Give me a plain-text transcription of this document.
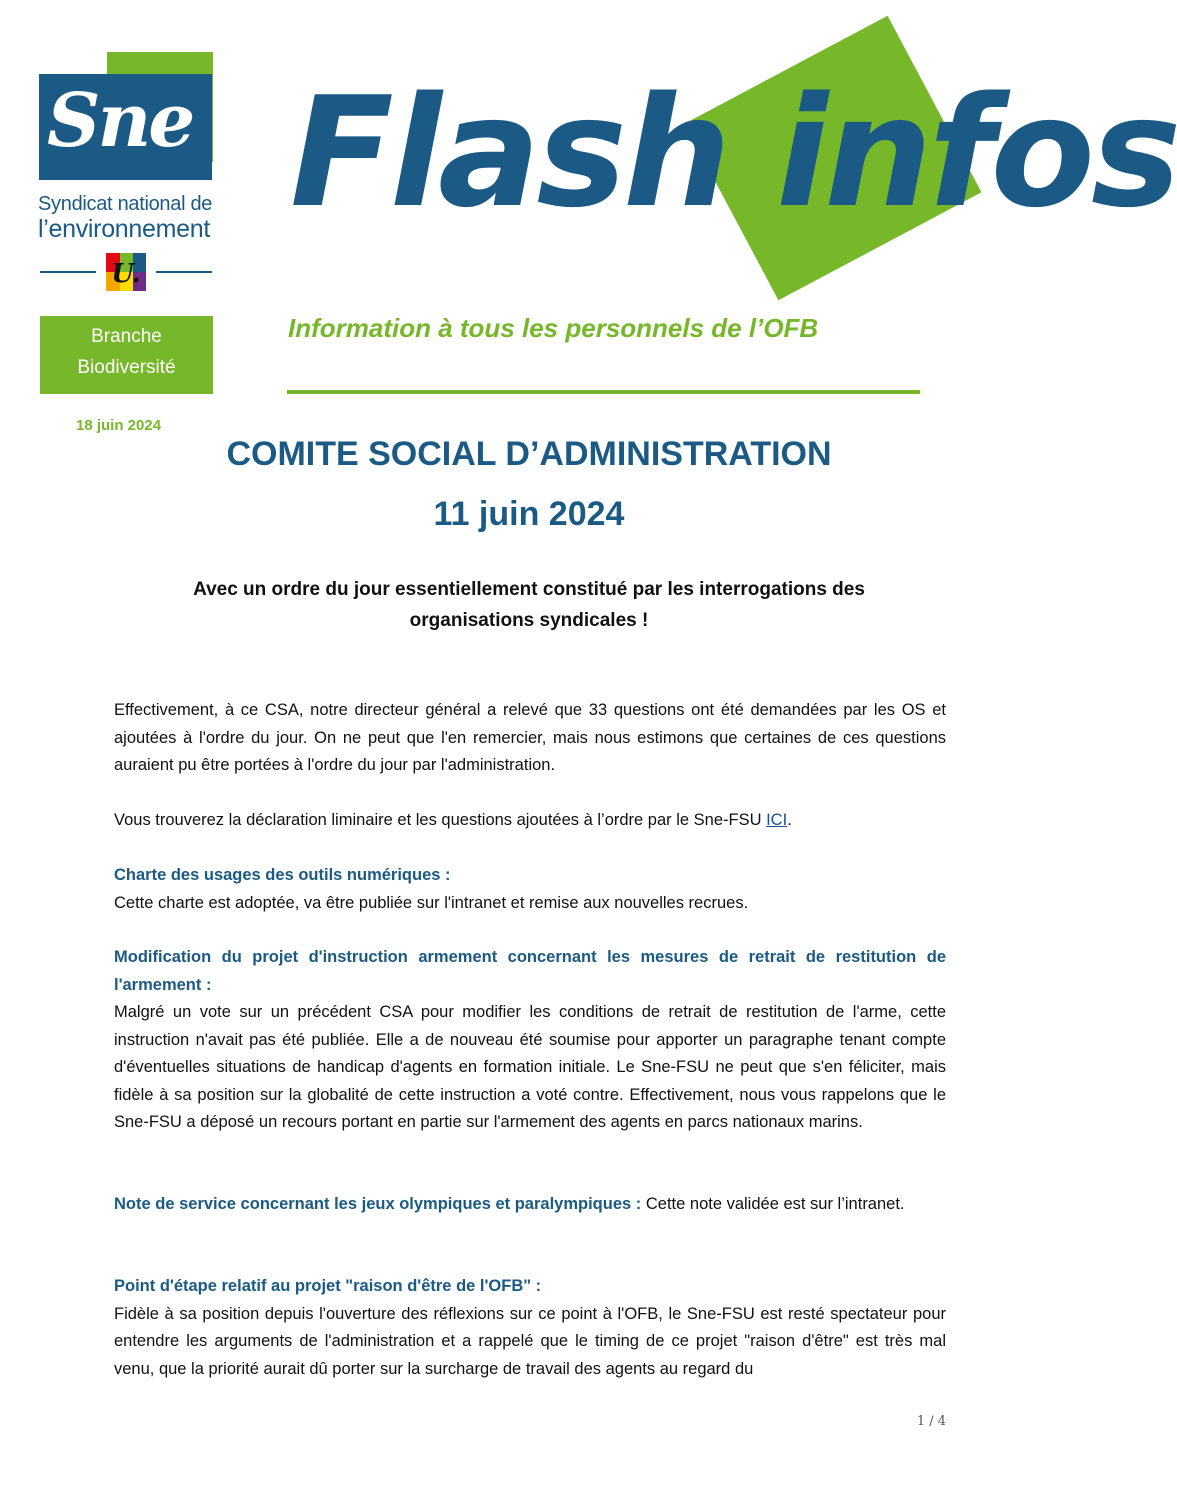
Sne
Syndicat national de
l’environnement
U.
Flash infos
Branche
Biodiversité
Information à tous les personnels de l’OFB
18 juin 2024
COMITE SOCIAL D’ADMINISTRATION
11 juin 2024
Avec un ordre du jour essentiellement constitué par les interrogations des organisations syndicales !
Effectivement, à ce CSA, notre directeur général a relevé que 33 questions ont été demandées par les OS et ajoutées à l'ordre du jour. On ne peut que l'en remercier, mais nous estimons que certaines de ces questions auraient pu être portées à l'ordre du jour par l'administration.
Vous trouverez la déclaration liminaire et les questions ajoutées à l’ordre par le Sne-FSU ICI.
Charte des usages des outils numériques :
Cette charte est adoptée, va être publiée sur l'intranet et remise aux nouvelles recrues.
Modification du projet d'instruction armement concernant les mesures de retrait de restitution de l'armement :
Malgré un vote sur un précédent CSA pour modifier les conditions de retrait de restitution de l'arme, cette instruction n'avait pas été publiée. Elle a de nouveau été soumise pour apporter un paragraphe tenant compte d'éventuelles situations de handicap d'agents en formation initiale. Le Sne-FSU ne peut que s'en féliciter, mais fidèle à sa position sur la globalité de cette instruction a voté contre. Effectivement, nous vous rappelons que le Sne-FSU a déposé un recours portant en partie sur l'armement des agents en parcs nationaux marins.
Note de service concernant les jeux olympiques et paralympiques : Cette note validée est sur l’intranet.
Point d'étape relatif au projet "raison d'être de l'OFB" :
Fidèle à sa position depuis l'ouverture des réflexions sur ce point à l'OFB, le Sne-FSU est resté spectateur pour entendre les arguments de l'administration et a rappelé que le timing de ce projet "raison d'être" est très mal venu, que la priorité aurait dû porter sur la surcharge de travail des agents au regard du
1 / 4
